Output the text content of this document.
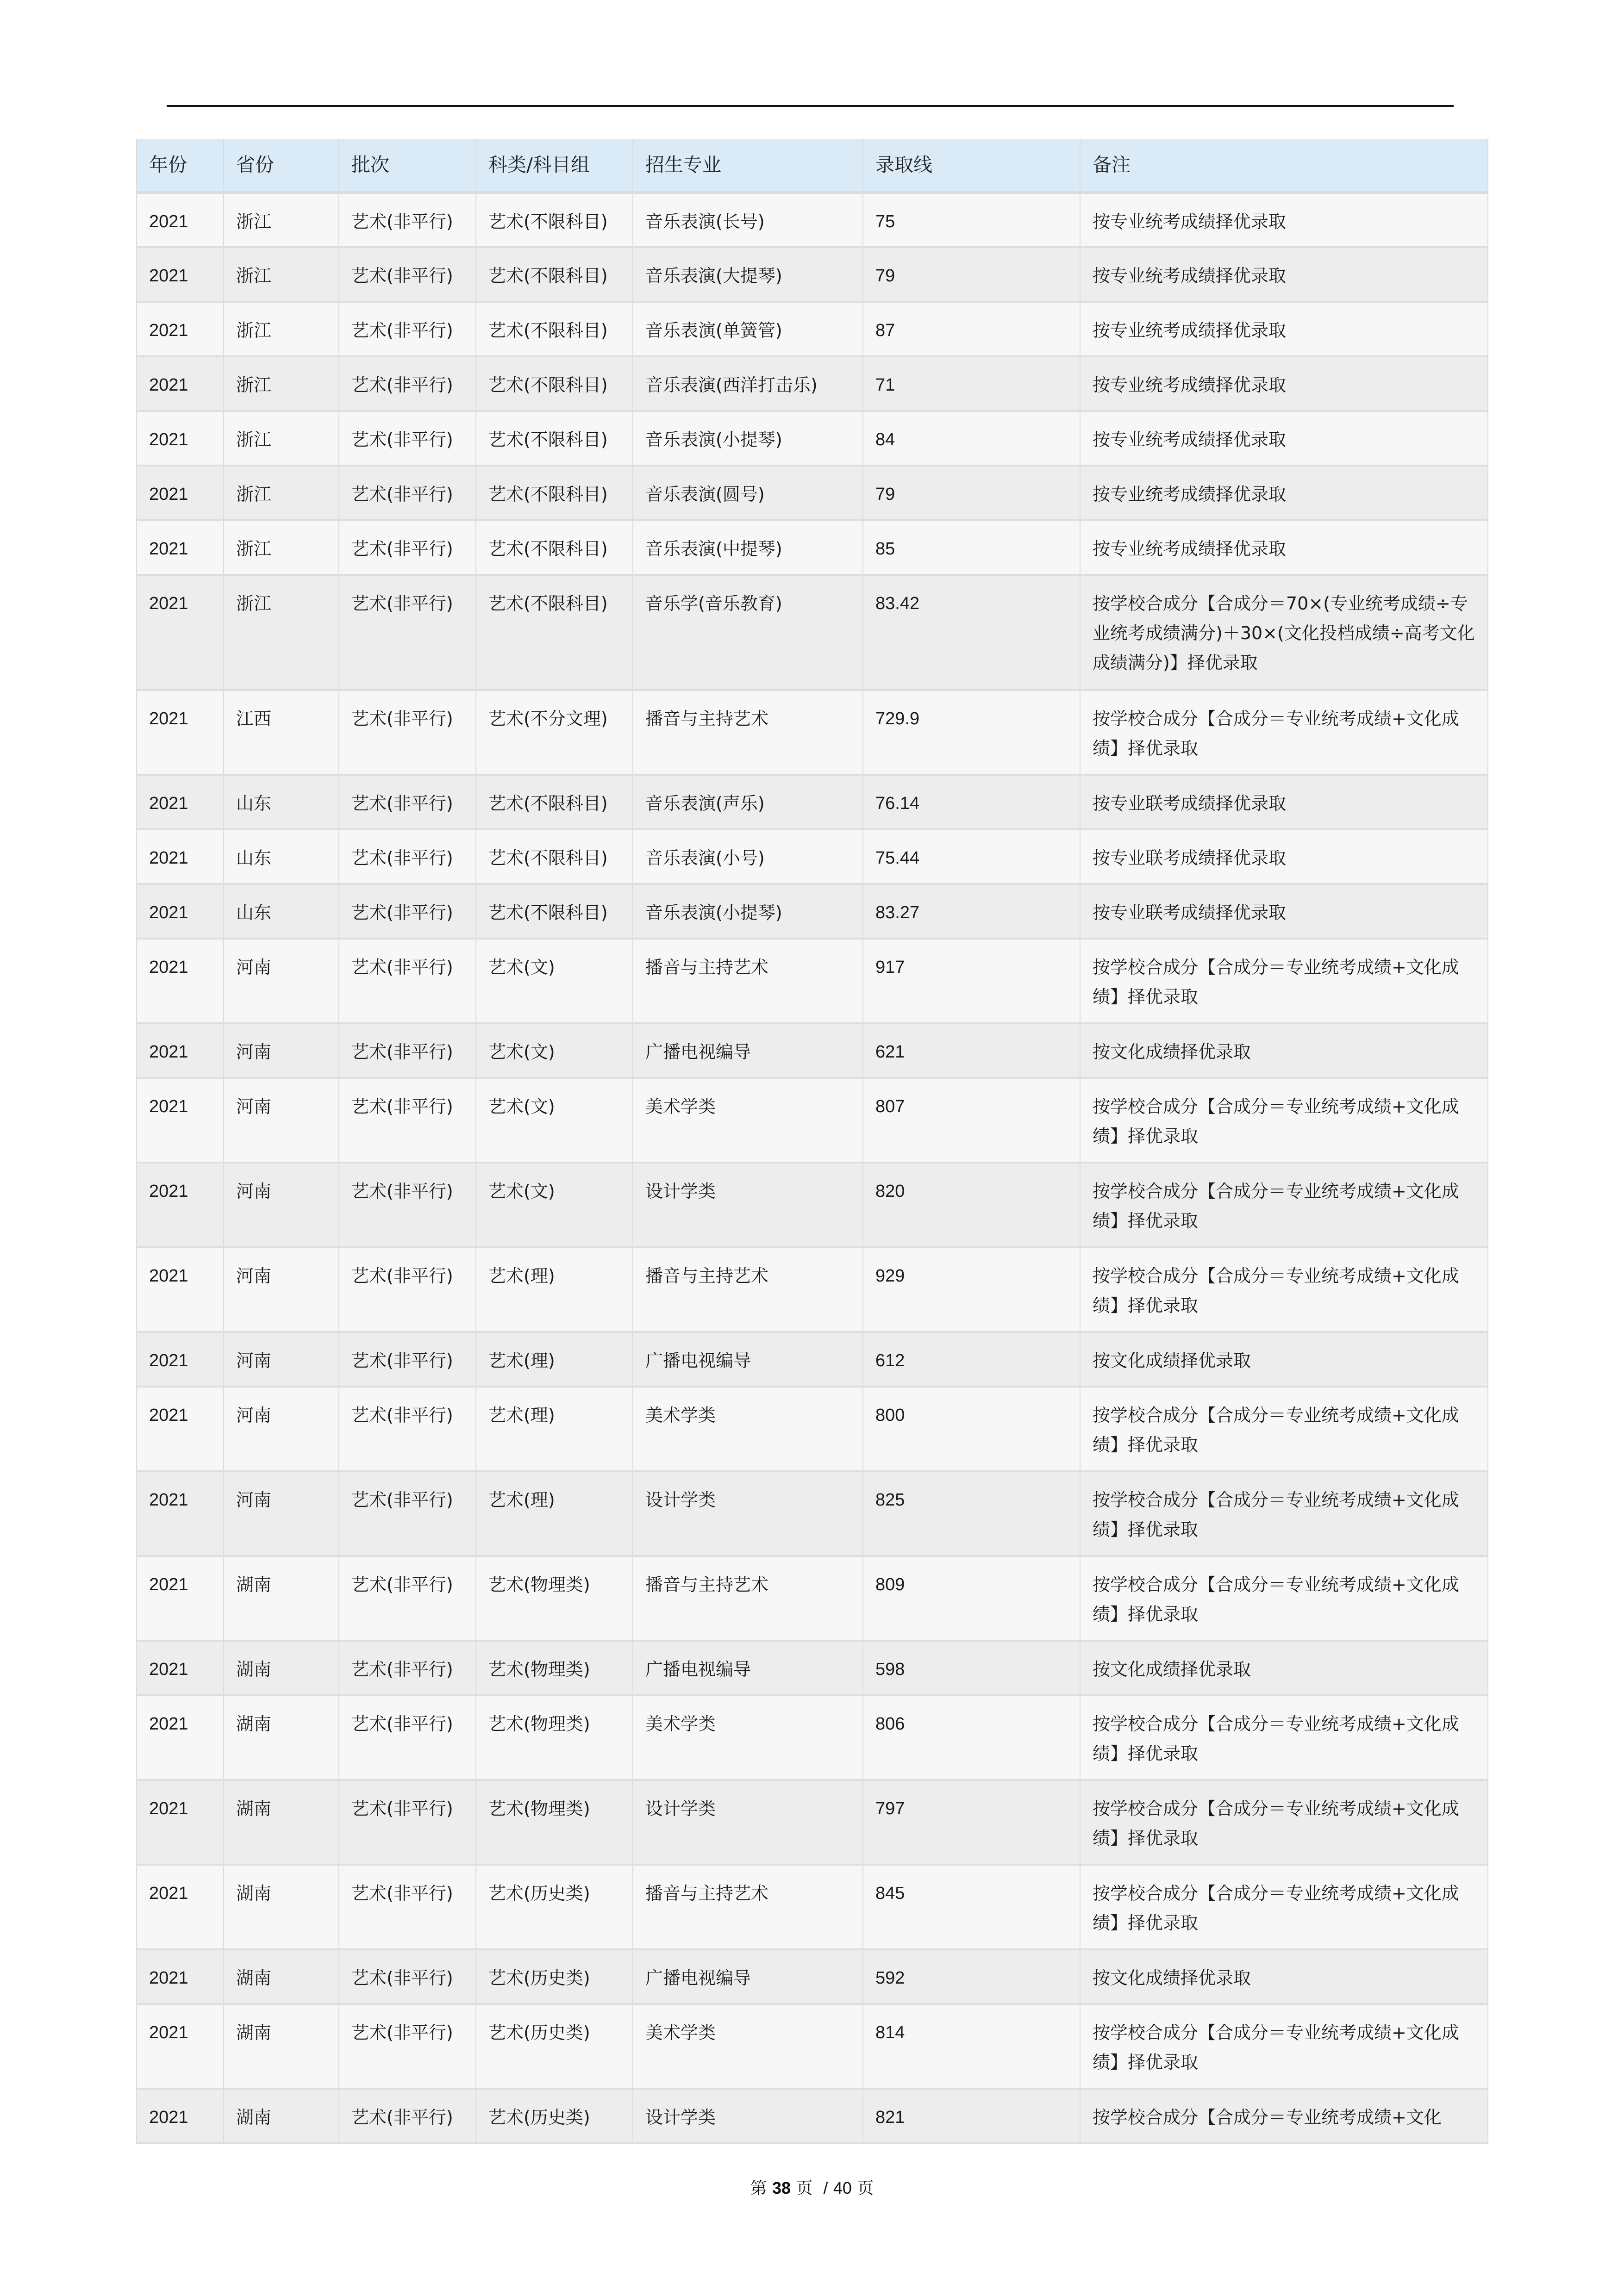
年份	省份	批次	科类/科目组	招生专业	录取线	备注

2021	浙江	艺术(非平行)	艺术(不限科目)	音乐表演(长号)	75	按专业统考成绩择优录取

2021	浙江	艺术(非平行)	艺术(不限科目)	音乐表演(大提琴)	79	按专业统考成绩择优录取

2021	浙江	艺术(非平行)	艺术(不限科目)	音乐表演(单簧管)	87	按专业统考成绩择优录取

2021	浙江	艺术(非平行)	艺术(不限科目)	音乐表演(西洋打击乐)	71	按专业统考成绩择优录取

2021	浙江	艺术(非平行)	艺术(不限科目)	音乐表演(小提琴)	84	按专业统考成绩择优录取

2021	浙江	艺术(非平行)	艺术(不限科目)	音乐表演(圆号)	79	按专业统考成绩择优录取

2021	浙江	艺术(非平行)	艺术(不限科目)	音乐表演(中提琴)	85	按专业统考成绩择优录取

2021	浙江	艺术(非平行)	艺术(不限科目)	音乐学(音乐教育)	83.42	按学校合成分【合成分＝70×(专业统考成绩÷专业统考成绩满分)＋30×(文化投档成绩÷高考文化成绩满分)】择优录取

2021	江西	艺术(非平行)	艺术(不分文理)	播音与主持艺术	729.9	按学校合成分【合成分＝专业统考成绩+文化成绩】择优录取

2021	山东	艺术(非平行)	艺术(不限科目)	音乐表演(声乐)	76.14	按专业联考成绩择优录取

2021	山东	艺术(非平行)	艺术(不限科目)	音乐表演(小号)	75.44	按专业联考成绩择优录取

2021	山东	艺术(非平行)	艺术(不限科目)	音乐表演(小提琴)	83.27	按专业联考成绩择优录取

2021	河南	艺术(非平行)	艺术(文)	播音与主持艺术	917	按学校合成分【合成分＝专业统考成绩+文化成绩】择优录取

2021	河南	艺术(非平行)	艺术(文)	广播电视编导	621	按文化成绩择优录取

2021	河南	艺术(非平行)	艺术(文)	美术学类	807	按学校合成分【合成分＝专业统考成绩+文化成绩】择优录取

2021	河南	艺术(非平行)	艺术(文)	设计学类	820	按学校合成分【合成分＝专业统考成绩+文化成绩】择优录取

2021	河南	艺术(非平行)	艺术(理)	播音与主持艺术	929	按学校合成分【合成分＝专业统考成绩+文化成绩】择优录取

2021	河南	艺术(非平行)	艺术(理)	广播电视编导	612	按文化成绩择优录取

2021	河南	艺术(非平行)	艺术(理)	美术学类	800	按学校合成分【合成分＝专业统考成绩+文化成绩】择优录取

2021	河南	艺术(非平行)	艺术(理)	设计学类	825	按学校合成分【合成分＝专业统考成绩+文化成绩】择优录取

2021	湖南	艺术(非平行)	艺术(物理类)	播音与主持艺术	809	按学校合成分【合成分＝专业统考成绩+文化成绩】择优录取

2021	湖南	艺术(非平行)	艺术(物理类)	广播电视编导	598	按文化成绩择优录取

2021	湖南	艺术(非平行)	艺术(物理类)	美术学类	806	按学校合成分【合成分＝专业统考成绩+文化成绩】择优录取

2021	湖南	艺术(非平行)	艺术(物理类)	设计学类	797	按学校合成分【合成分＝专业统考成绩+文化成绩】择优录取

2021	湖南	艺术(非平行)	艺术(历史类)	播音与主持艺术	845	按学校合成分【合成分＝专业统考成绩+文化成绩】择优录取

2021	湖南	艺术(非平行)	艺术(历史类)	广播电视编导	592	按文化成绩择优录取

2021	湖南	艺术(非平行)	艺术(历史类)	美术学类	814	按学校合成分【合成分＝专业统考成绩+文化成绩】择优录取

2021	湖南	艺术(非平行)	艺术(历史类)	设计学类	821	按学校合成分【合成分＝专业统考成绩+文化
第 38 页 / 40 页
